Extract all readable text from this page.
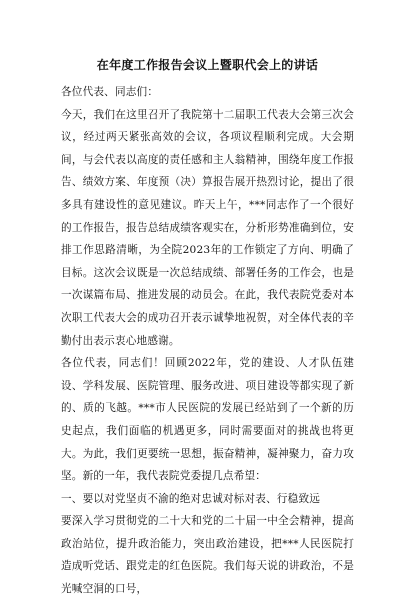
在年度工作报告会议上暨职代会上的讲话

各位代表、同志们：

今天，我们在这里召开了我院第十二届职工代表大会第三次会议，经过两天紧张高效的会议，各项议程顺利完成。大会期间，与会代表以高度的责任感和主人翁精神，围绕年度工作报告、绩效方案、年度预（决）算报告展开热烈讨论，提出了很多具有建设性的意见建议。昨天上午，***同志作了一个很好的工作报告，报告总结成绩客观实在，分析形势准确到位，安排工作思路清晰，为全院2023年的工作锁定了方向、明确了目标。这次会议既是一次总结成绩、部署任务的工作会，也是一次谋篇布局、推进发展的动员会。在此，我代表院党委对本次职工代表大会的成功召开表示诚挚地祝贺，对全体代表的辛勤付出表示衷心地感谢。

各位代表，同志们！回顾2022年，党的建设、人才队伍建设、学科发展、医院管理、服务改进、项目建设等都实现了新的、质的飞越。***市人民医院的发展已经站到了一个新的历史起点，我们面临的机遇更多，同时需要面对的挑战也将更大。为此，我们更要统一思想，振奋精神，凝神聚力，奋力攻坚。新的一年，我代表院党委提几点希望：

一、要以对党坚贞不渝的绝对忠诚对标对表、行稳致远

要深入学习贯彻党的二十大和党的二十届一中全会精神，提高政治站位，提升政治能力，突出政治建设，把***人民医院打造成听党话、跟党走的红色医院。我们每天说的讲政治，不是光喊空洞的口号，
